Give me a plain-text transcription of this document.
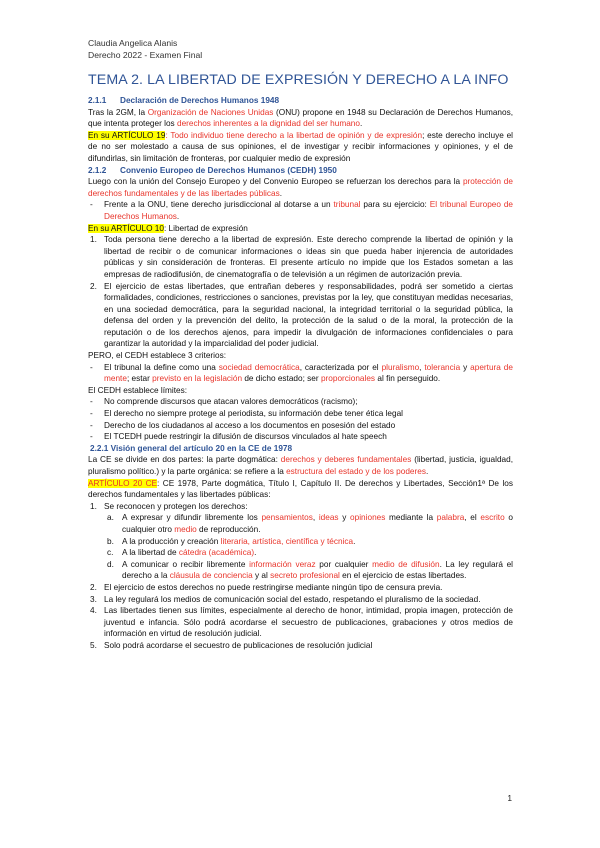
Claudia Angelica Alanis
Derecho 2022 - Examen Final
TEMA 2. LA LIBERTAD DE EXPRESIÓN Y DERECHO A LA INFO

2.1.1 Declaración de Derechos Humanos 1948

Tras la 2GM, la Organización de Naciones Unidas (ONU) propone en 1948 su Declaración de Derechos Humanos, que intenta proteger los derechos inherentes a la dignidad del ser humano.

En su ARTÍCULO 19: Todo individuo tiene derecho a la libertad de opinión y de expresión; este derecho incluye el de no ser molestado a causa de sus opiniones, el de investigar y recibir informaciones y opiniones, y el de difundirlas, sin limitación de fronteras, por cualquier medio de expresión

2.1.2 Convenio Europeo de Derechos Humanos (CEDH) 1950

Luego con la unión del Consejo Europeo y del Convenio Europeo se refuerzan los derechos para la protección de derechos fundamentales y de las libertades públicas.

-	Frente a la ONU, tiene derecho jurisdiccional al dotarse a un tribunal para su ejercicio: El tribunal Europeo de Derechos Humanos.

En su ARTÍCULO 10: Libertad de expresión

1. Toda persona tiene derecho a la libertad de expresión. Este derecho comprende la libertad de opinión y la libertad de recibir o de comunicar informaciones o ideas sin que pueda haber injerencia de autoridades públicas y sin consideración de fronteras. El presente artículo no impide que los Estados sometan a las empresas de radiodifusión, de cinematografía o de televisión a un régimen de autorización previa.
2. El ejercicio de estas libertades, que entrañan deberes y responsabilidades, podrá ser sometido a ciertas formalidades, condiciones, restricciones o sanciones, previstas por la ley, que constituyan medidas necesarias, en una sociedad democrática, para la seguridad nacional, la integridad territorial o la seguridad pública, la defensa del orden y la prevención del delito, la protección de la salud o de la moral, la protección de la reputación o de los derechos ajenos, para impedir la divulgación de informaciones confidenciales o para garantizar la autoridad y la imparcialidad del poder judicial.

PERO, el CEDH establece 3 criterios:

-	El tribunal la define como una sociedad democrática, caracterizada por el pluralismo, tolerancia y apertura de mente; estar previsto en la legislación de dicho estado; ser proporcionales al fin perseguido.

El CEDH establece límites:

-	No comprende discursos que atacan valores democráticos (racismo);
-	El derecho no siempre protege al periodista, su información debe tener ética legal
-	Derecho de los ciudadanos al acceso a los documentos en posesión del estado
-	El TCEDH puede restringir la difusión de discursos vinculados al hate speech

2.2.1 Visión general del artículo 20 en la CE de 1978

La CE se divide en dos partes: la parte dogmática: derechos y deberes fundamentales (libertad, justicia, igualdad, pluralismo político.) y la parte orgánica: se refiere a la estructura del estado y de los poderes.

ARTÍCULO 20 CE: CE 1978, Parte dogmática, Título I, Capítulo II. De derechos y Libertades, Sección1ª De los derechos fundamentales y las libertades públicas:

1. Se reconocen y protegen los derechos:
a. A expresar y difundir libremente los pensamientos, ideas y opiniones mediante la palabra, el escrito o cualquier otro medio de reproducción.
b. A la producción y creación literaria, artística, científica y técnica.
c.	A la libertad de cátedra (académica).
d. A comunicar o recibir libremente información veraz por cualquier medio de difusión. La ley regulará el derecho a la cláusula de conciencia y al secreto profesional en el ejercicio de estas libertades.
2. El ejercicio de estos derechos no puede restringirse mediante ningún tipo de censura previa.
3. La ley regulará los medios de comunicación social del estado, respetando el pluralismo de la sociedad.
4. Las libertades tienen sus límites, especialmente al derecho de honor, intimidad, propia imagen, protección de juventud e infancia. Sólo podrá acordarse el secuestro de publicaciones, grabaciones y otros medios de información en virtud de resolución judicial.
5. Solo podrá acordarse el secuestro de publicaciones de resolución judicial
1
